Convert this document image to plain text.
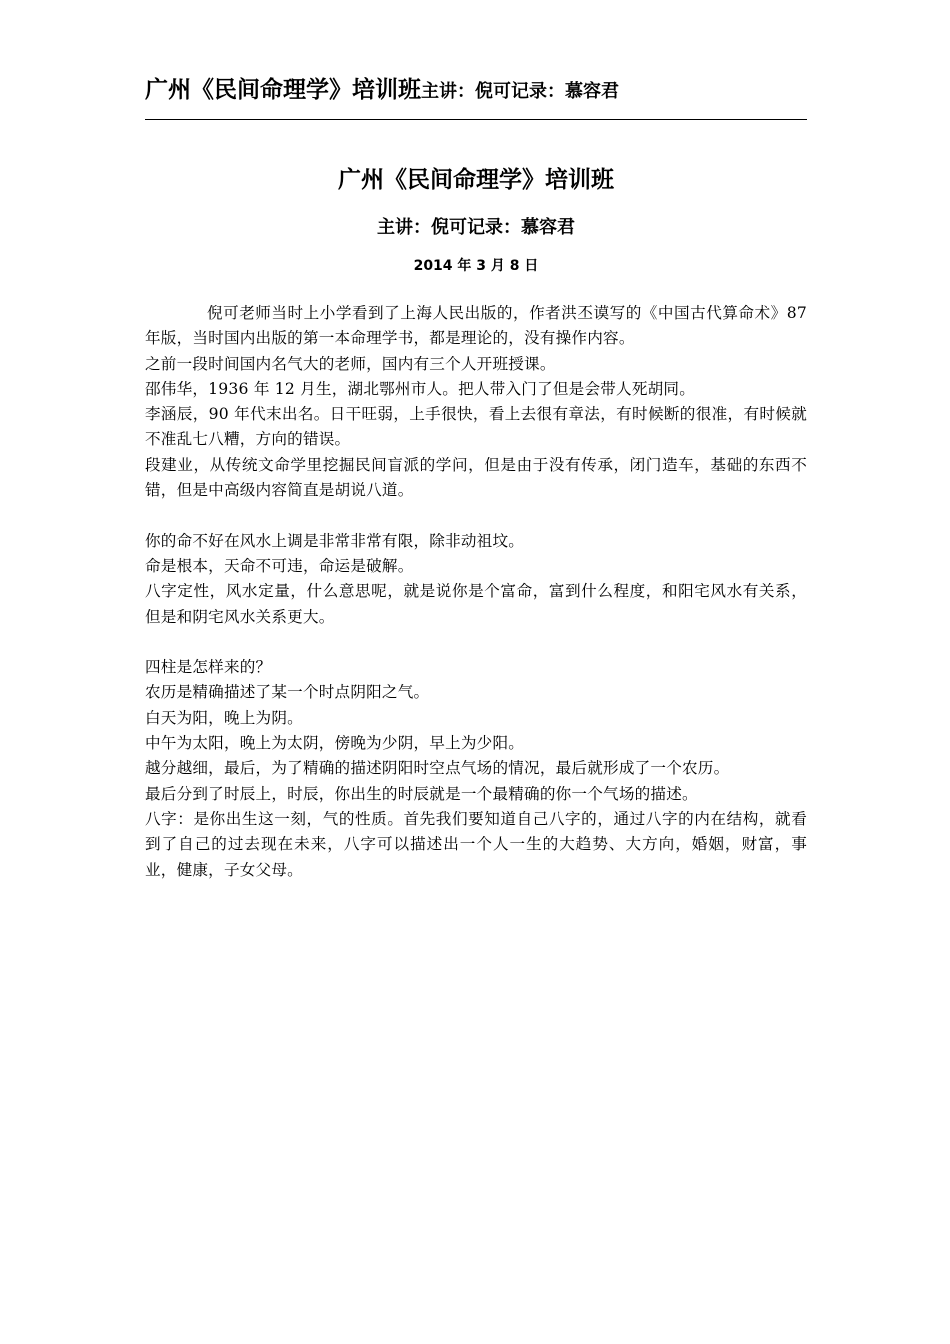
广州《民间命理学》培训班主讲：倪可记录：慕容君
广州《民间命理学》培训班
主讲：倪可记录：慕容君
2014 年 3 月 8 日

倪可老师当时上小学看到了上海人民出版的，作者洪丕谟写的《中国古代算命术》87 年版，当时国内出版的第一本命理学书，都是理论的，没有操作内容。

之前一段时间国内名气大的老师，国内有三个人开班授课。

邵伟华，1936 年 12 月生，湖北鄂州市人。把人带入门了但是会带人死胡同。

李涵辰，90 年代末出名。日干旺弱，上手很快，看上去很有章法，有时候断的很准，有时候就不准乱七八糟，方向的错误。

段建业，从传统文命学里挖掘民间盲派的学问，但是由于没有传承，闭门造车，基础的东西不错，但是中高级内容简直是胡说八道。

你的命不好在风水上调是非常非常有限，除非动祖坟。

命是根本，天命不可违，命运是破解。

八字定性，风水定量，什么意思呢，就是说你是个富命，富到什么程度，和阳宅风水有关系，但是和阴宅风水关系更大。

四柱是怎样来的？

农历是精确描述了某一个时点阴阳之气。

白天为阳，晚上为阴。

中午为太阳，晚上为太阴，傍晚为少阴，早上为少阳。

越分越细，最后，为了精确的描述阴阳时空点气场的情况，最后就形成了一个农历。

最后分到了时辰上，时辰，你出生的时辰就是一个最精确的你一个气场的描述。

八字：是你出生这一刻，气的性质。首先我们要知道自己八字的，通过八字的内在结构，就看到了自己的过去现在未来，八字可以描述出一个人一生的大趋势、大方向，婚姻，财富，事业，健康，子女父母。
